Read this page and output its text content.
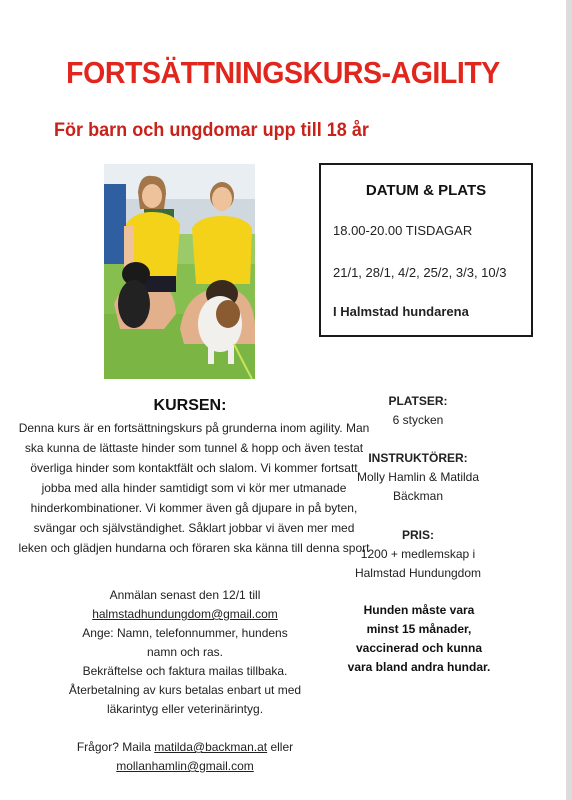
FORTSÄTTNINGSKURS-AGILITY
För barn och ungdomar upp till 18 år
DATUM & PLATS
18.00-20.00 TISDAGAR
21/1, 28/1, 4/2, 25/2, 3/3, 10/3
I Halmstad hundarena
KURSEN:
Denna kurs är en fortsättningskurs på grunderna inom agility. Man ska kunna de lättaste hinder som tunnel & hopp och även testat överliga hinder som kontaktfält och slalom. Vi kommer fortsatt jobba med alla hinder samtidigt som vi kör mer utmanade hinderkombinationer. Vi kommer även gå djupare in på byten, svängar och självständighet. Såklart jobbar vi även mer med leken och glädjen hundarna och föraren ska känna till denna sport
Anmälan senast den 12/1 till
halmstadhundungdom@gmail.com
Ange: Namn, telefonnummer, hundens namn och ras.
Bekräftelse och faktura mailas tillbaka.
Återbetalning av kurs betalas enbart ut med läkarintyg eller veterinärintyg.
Frågor? Maila matilda@backman.at eller
mollanhamlin@gmail.com
PLATSER:
6 stycken
INSTRUKTÖRER:
Molly Hamlin & Matilda Bäckman
PRIS:
1200 + medlemskap i Halmstad Hundungdom
Hunden måste vara minst 15 månader, vaccinerad och kunna vara bland andra hundar.
